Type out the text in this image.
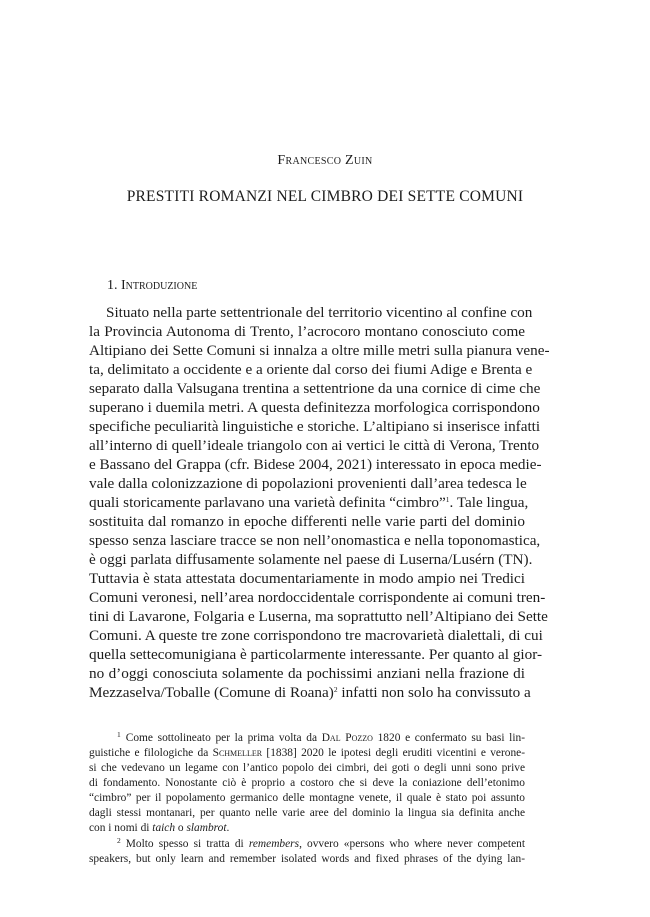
Francesco Zuin
PRESTITI ROMANZI NEL CIMBRO DEI SETTE COMUNI
1. Introduzione
Situato nella parte settentrionale del territorio vicentino al confine con
la Provincia Autonoma di Trento, l’acrocoro montano conosciuto come
Altipiano dei Sette Comuni si innalza a oltre mille metri sulla pianura vene-
ta, delimitato a occidente e a oriente dal corso dei fiumi Adige e Brenta e
separato dalla Valsugana trentina a settentrione da una cornice di cime che
superano i duemila metri. A questa definitezza morfologica corrispondono
specifiche peculiarità linguistiche e storiche. L’altipiano si inserisce infatti
all’interno di quell’ideale triangolo con ai vertici le città di Verona, Trento
e Bassano del Grappa (cfr. Bidese 2004, 2021) interessato in epoca medie-
vale dalla colonizzazione di popolazioni provenienti dall’area tedesca le
quali storicamente parlavano una varietà definita “cimbro”$^1$. Tale lingua,
sostituita dal romanzo in epoche differenti nelle varie parti del dominio
spesso senza lasciare tracce se non nell’onomastica e nella toponomastica,
è oggi parlata diffusamente solamente nel paese di Luserna/Lusérn (TN).
Tuttavia è stata attestata documentariamente in modo ampio nei Tredici
Comuni veronesi, nell’area nordoccidentale corrispondente ai comuni tren-
tini di Lavarone, Folgaria e Luserna, ma soprattutto nell’Altipiano dei Sette
Comuni. A queste tre zone corrispondono tre macrovarietà dialettali, di cui
quella settecomunigiana è particolarmente interessante. Per quanto al gior-
no d’oggi conosciuta solamente da pochissimi anziani nella frazione di
Mezzaselva/Toballe (Comune di Roana)$^2$ infatti non solo ha convissuto a
$^1$ Come sottolineato per la prima volta da Dal Pozzo 1820 e confermato su basi lin-
guistiche e filologiche da Schmeller [1838] 2020 le ipotesi degli eruditi vicentini e verone-
si che vedevano un legame con l’antico popolo dei cimbri, dei goti o degli unni sono prive
di fondamento. Nonostante ciò è proprio a costoro che si deve la coniazione dell’etonimo
“cimbro” per il popolamento germanico delle montagne venete, il quale è stato poi assunto
dagli stessi montanari, per quanto nelle varie aree del dominio la lingua sia definita anche
con i nomi di taich o slambrot.
$^2$ Molto spesso si tratta di remembers, ovvero «persons who where never competent
speakers, but only learn and remember isolated words and fixed phrases of the dying lan-
